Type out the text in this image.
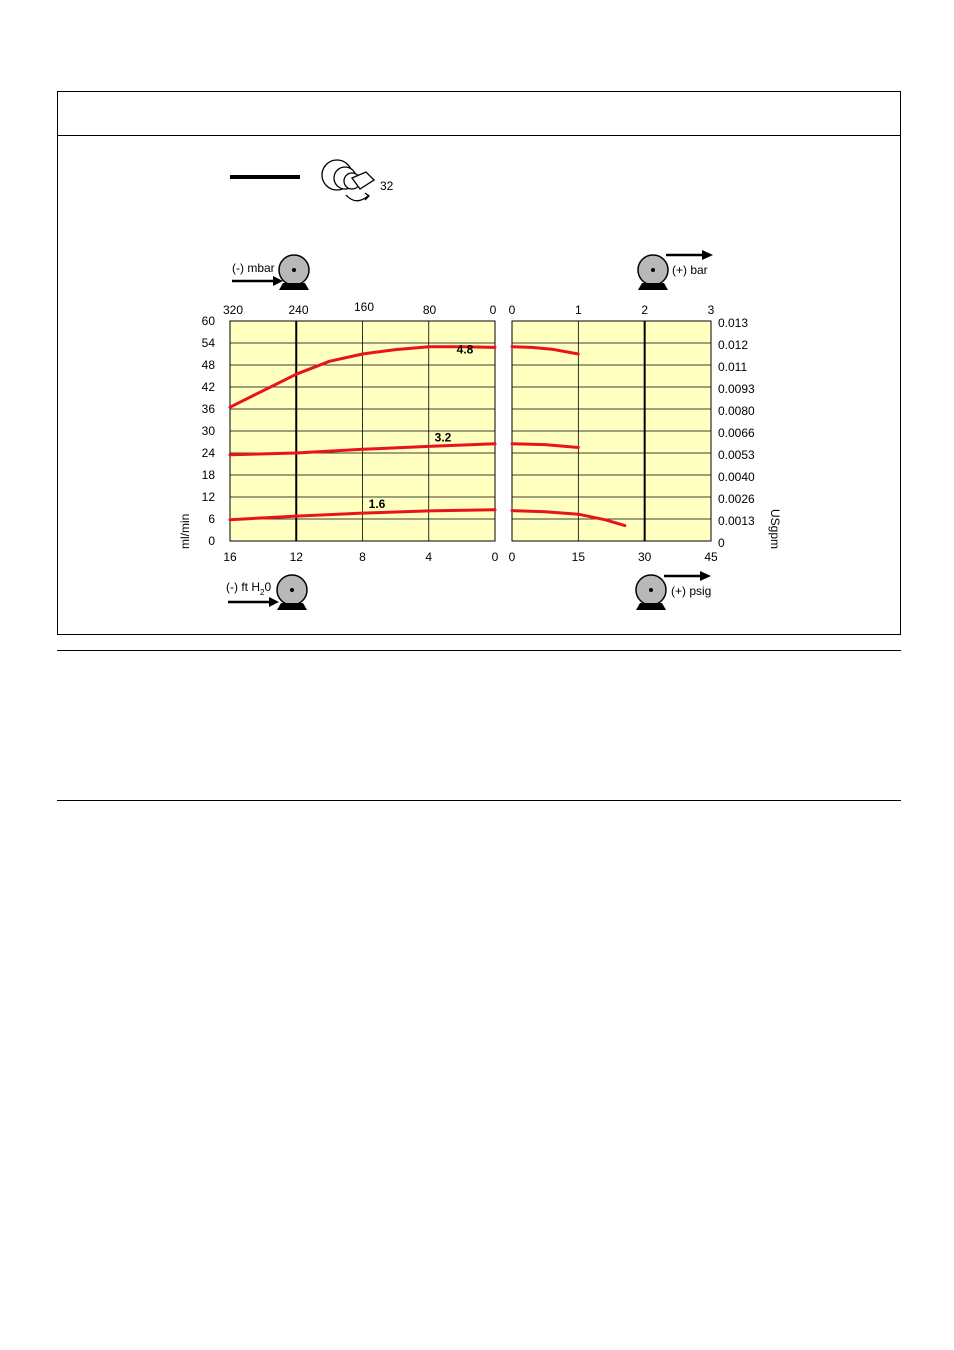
32
(-) mbar	(+) bar
(-) ft $H_20$	(+) psig
4.8
3.2
1.6
60
54
48
42
36
30
24
18
12
6
0
0.013
0.012
0.011
0.0093
0.0080
0.0066
0.0053
0.0040
0.0026
0.0013
0
320	240	160	80	0
16	12	8	4	0
0	1	2	3
0	15	30	45
ml/min	USgpm
